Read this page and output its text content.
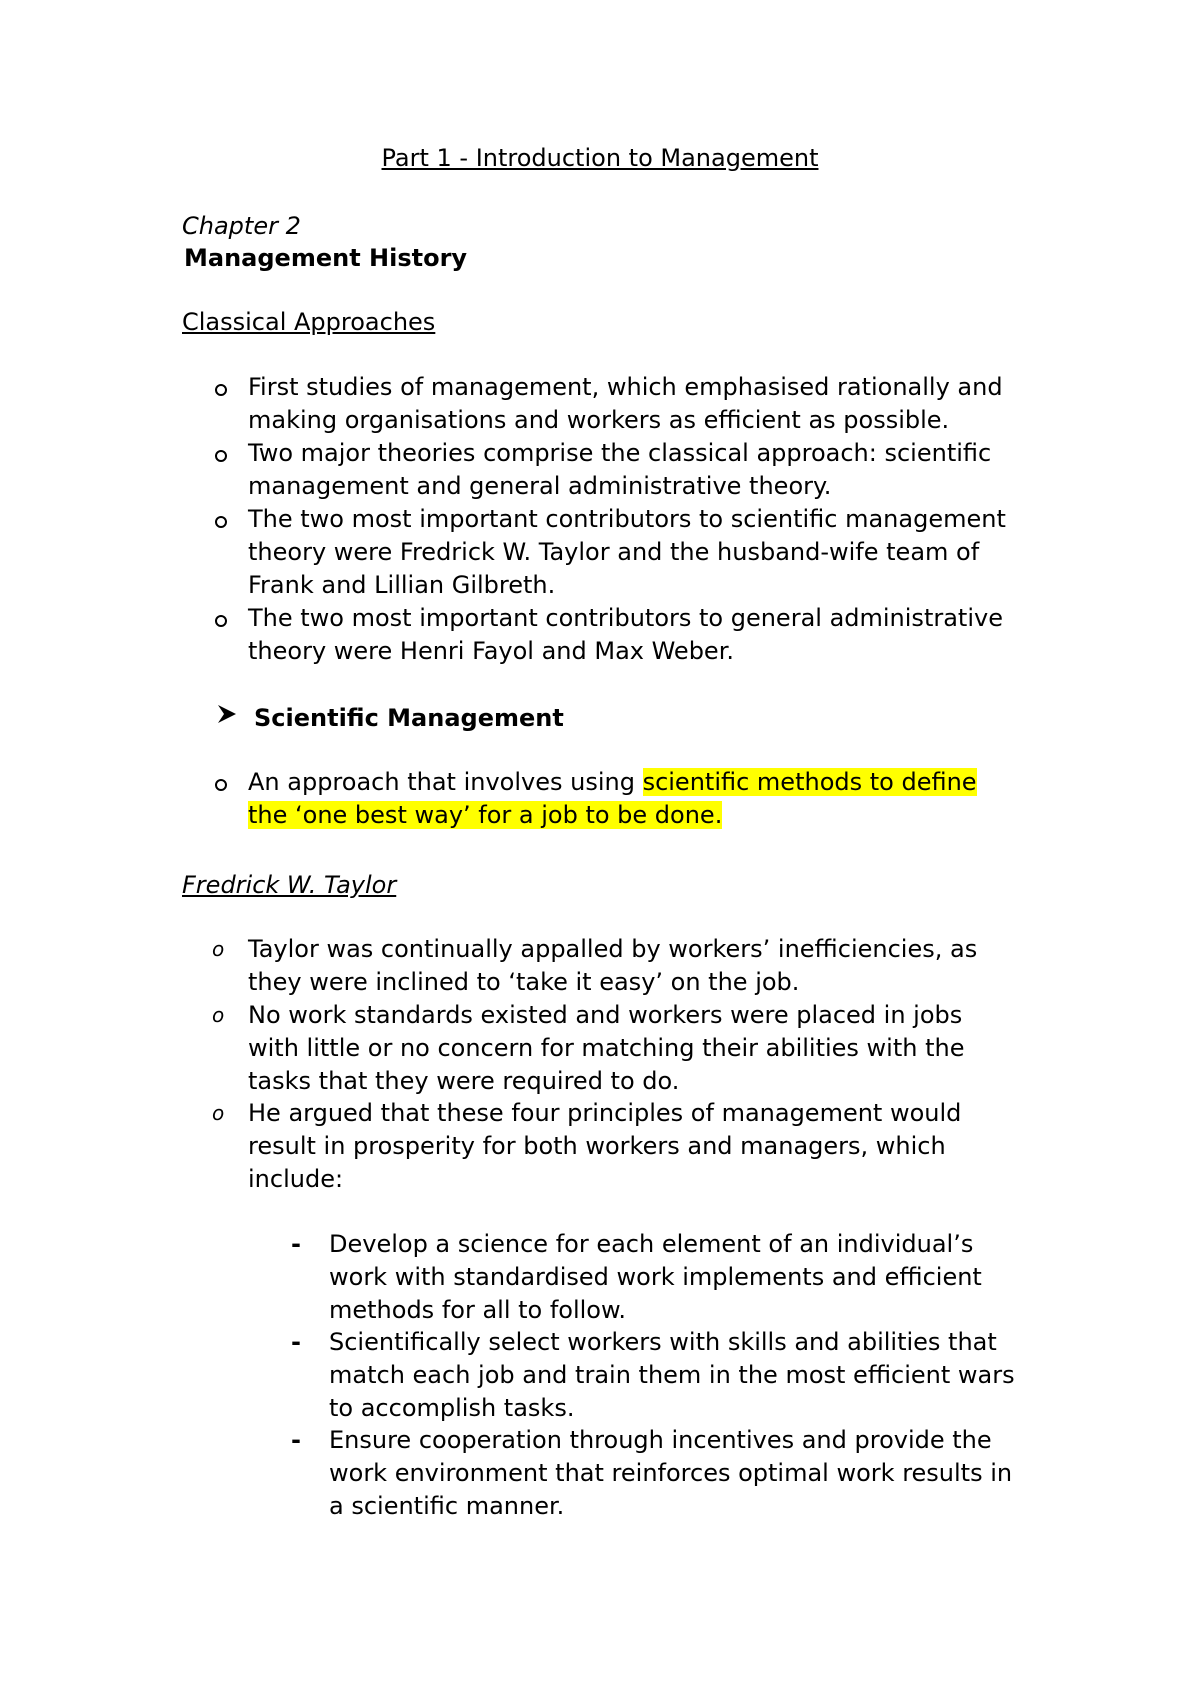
Part 1 - Introduction to Management
Chapter 2
Management History
Classical Approaches
First studies of management, which emphasised rationally and making organisations and workers as efficient as possible.
Two major theories comprise the classical approach: scientific management and general administrative theory.
The two most important contributors to scientific management theory were Fredrick W. Taylor and the husband-wife team of Frank and Lillian Gilbreth.
The two most important contributors to general administrative theory were Henri Fayol and Max Weber.
Scientific Management
An approach that involves using scientific methods to define the ‘one best way’ for a job to be done.
Fredrick W. Taylor
o Taylor was continually appalled by workers’ inefficiencies, as they were inclined to ‘take it easy’ on the job.
o No work standards existed and workers were placed in jobs with little or no concern for matching their abilities with the tasks that they were required to do.
o He argued that these four principles of management would result in prosperity for both workers and managers, which include:
- Develop a science for each element of an individual’s work with standardised work implements and efficient methods for all to follow.
- Scientifically select workers with skills and abilities that match each job and train them in the most efficient wars to accomplish tasks.
- Ensure cooperation through incentives and provide the work environment that reinforces optimal work results in a scientific manner.
